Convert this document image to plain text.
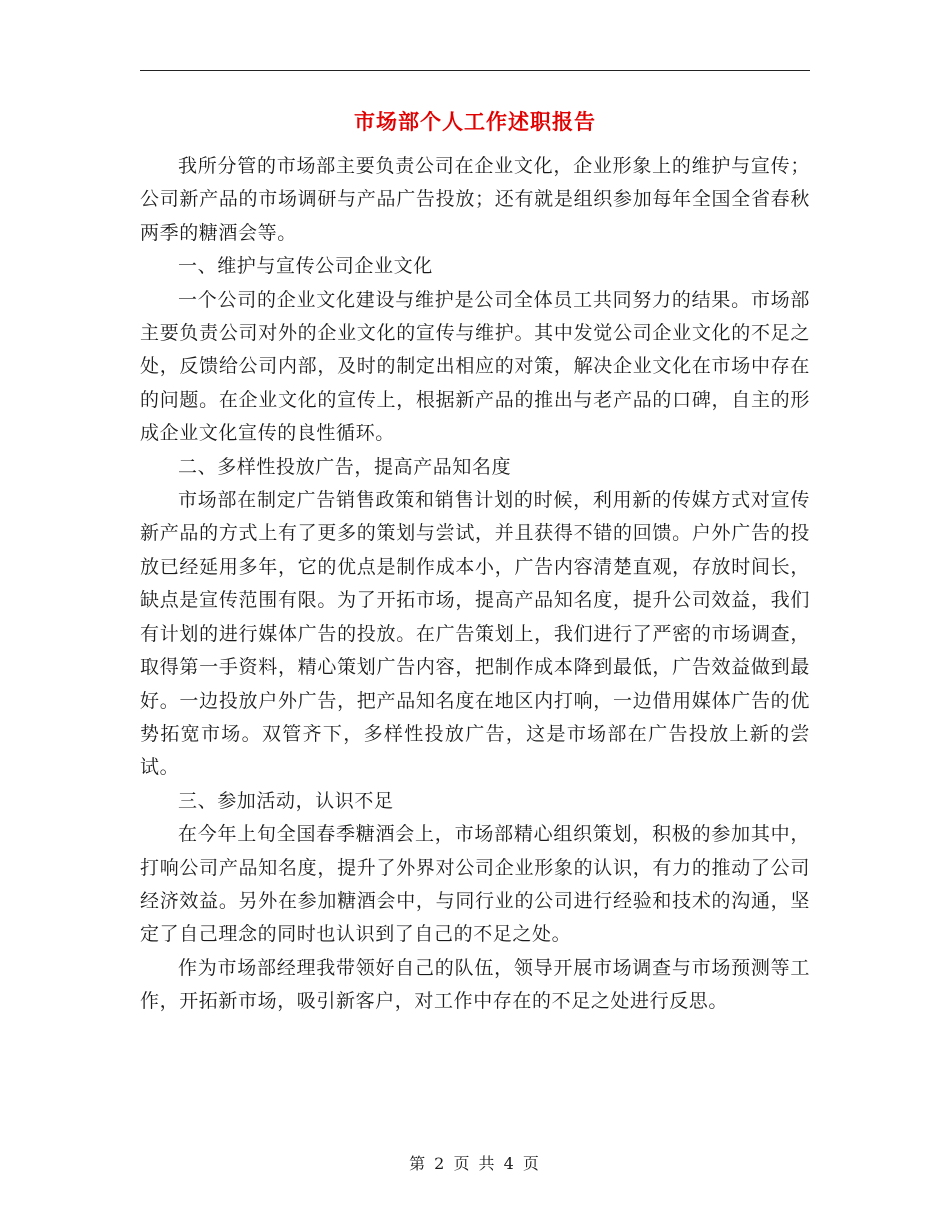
市场部个人工作述职报告

我所分管的市场部主要负责公司在企业文化，企业形象上的维护与宣传；公司新产品的市场调研与产品广告投放；还有就是组织参加每年全国全省春秋两季的糖酒会等。

一、维护与宣传公司企业文化

一个公司的企业文化建设与维护是公司全体员工共同努力的结果。市场部主要负责公司对外的企业文化的宣传与维护。其中发觉公司企业文化的不足之处，反馈给公司内部，及时的制定出相应的对策，解决企业文化在市场中存在的问题。在企业文化的宣传上，根据新产品的推出与老产品的口碑，自主的形成企业文化宣传的良性循环。

二、多样性投放广告，提高产品知名度

市场部在制定广告销售政策和销售计划的时候，利用新的传媒方式对宣传新产品的方式上有了更多的策划与尝试，并且获得不错的回馈。户外广告的投放已经延用多年，它的优点是制作成本小，广告内容清楚直观，存放时间长，缺点是宣传范围有限。为了开拓市场，提高产品知名度，提升公司效益，我们有计划的进行媒体广告的投放。在广告策划上，我们进行了严密的市场调查，取得第一手资料，精心策划广告内容，把制作成本降到最低，广告效益做到最好。一边投放户外广告，把产品知名度在地区内打响，一边借用媒体广告的优势拓宽市场。双管齐下，多样性投放广告，这是市场部在广告投放上新的尝试。

三、参加活动，认识不足

在今年上旬全国春季糖酒会上，市场部精心组织策划，积极的参加其中，打响公司产品知名度，提升了外界对公司企业形象的认识，有力的推动了公司经济效益。另外在参加糖酒会中，与同行业的公司进行经验和技术的沟通，坚定了自己理念的同时也认识到了自己的不足之处。

作为市场部经理我带领好自己的队伍，领导开展市场调查与市场预测等工作，开拓新市场，吸引新客户，对工作中存在的不足之处进行反思。

第 2 页 共 4 页
